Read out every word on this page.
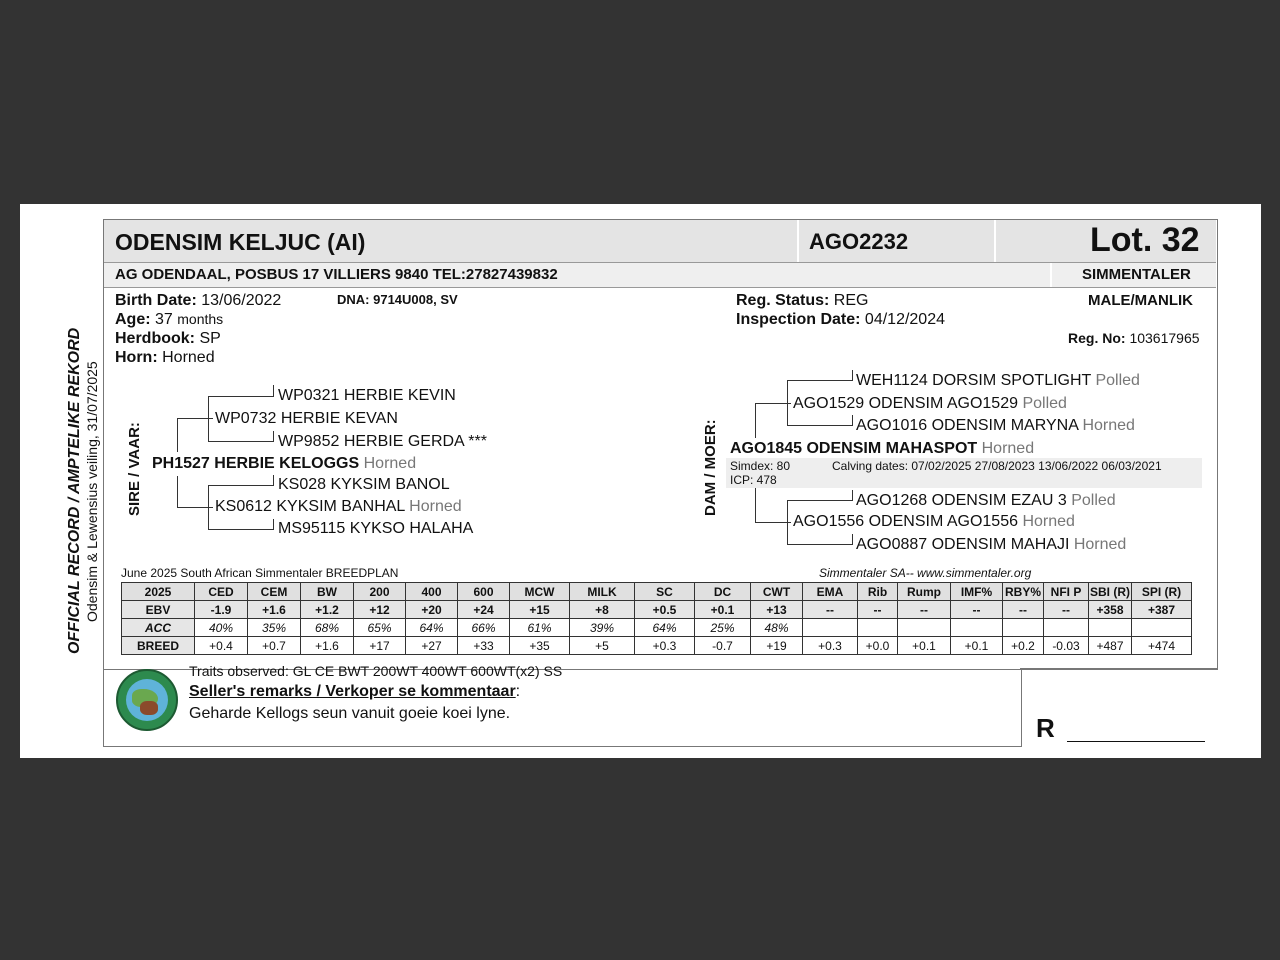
OFFICIAL RECORD / AMPTELIKE REKORD Odensim & Lewensius veiling, 31/07/2025
ODENSIM KELJUC (AI)	AGO2232	Lot. 32
AG ODENDAAL, POSBUS 17 VILLIERS 9840 TEL:27827439832	SIMMENTALER
Birth Date: 13/06/2022	DNA: 9714U008, SV
Age: 37 months
Herdbook: SP
Horn: Horned
Reg. Status: REG
Inspection Date: 04/12/2024
MALE/MANLIK
Reg. No: 103617965
SIRE / VAAR:
WP0321 HERBIE KEVIN
WP0732 HERBIE KEVAN
WP9852 HERBIE GERDA ***
PH1527 HERBIE KELOGGS Horned
KS028 KYKSIM BANOL
KS0612 KYKSIM BANHAL Horned
MS95115 KYKSO HALAHA
DAM / MOER:
WEH1124 DORSIM SPOTLIGHT Polled
AGO1529 ODENSIM AGO1529 Polled
AGO1016 ODENSIM MARYNA Horned
AGO1845 ODENSIM MAHASPOT Horned
Simdex: 80
ICP: 478
Calving dates: 07/02/2025 27/08/2023 13/06/2022 06/03/2021
AGO1268 ODENSIM EZAU 3 Polled
AGO1556 ODENSIM AGO1556 Horned
AGO0887 ODENSIM MAHAJI Horned
June 2025 South African Simmentaler BREEDPLAN	Simmentaler SA-- www.simmentaler.org
2025	CED	CEM	BW	200	400	600	MCW	MILK	SC	DC	CWT	EMA	Rib	Rump	IMF%	RBY%	NFI P	SBI (R)	SPI (R)
EBV	-1.9	+1.6	+1.2	+12	+20	+24	+15	+8	+0.5	+0.1	+13	--	--	--	--	--	--	+358	+387
ACC	40%	35%	68%	65%	64%	66%	61%	39%	64%	25%	48%								
BREED	+0.4	+0.7	+1.6	+17	+27	+33	+35	+5	+0.3	-0.7	+19	+0.3	+0.0	+0.1	+0.1	+0.2	-0.03	+487	+474
Traits observed: GL CE BWT 200WT 400WT 600WT(x2) SS
Seller's remarks / Verkoper se kommentaar:
Geharde Kellogs seun vanuit goeie koei lyne.	R
